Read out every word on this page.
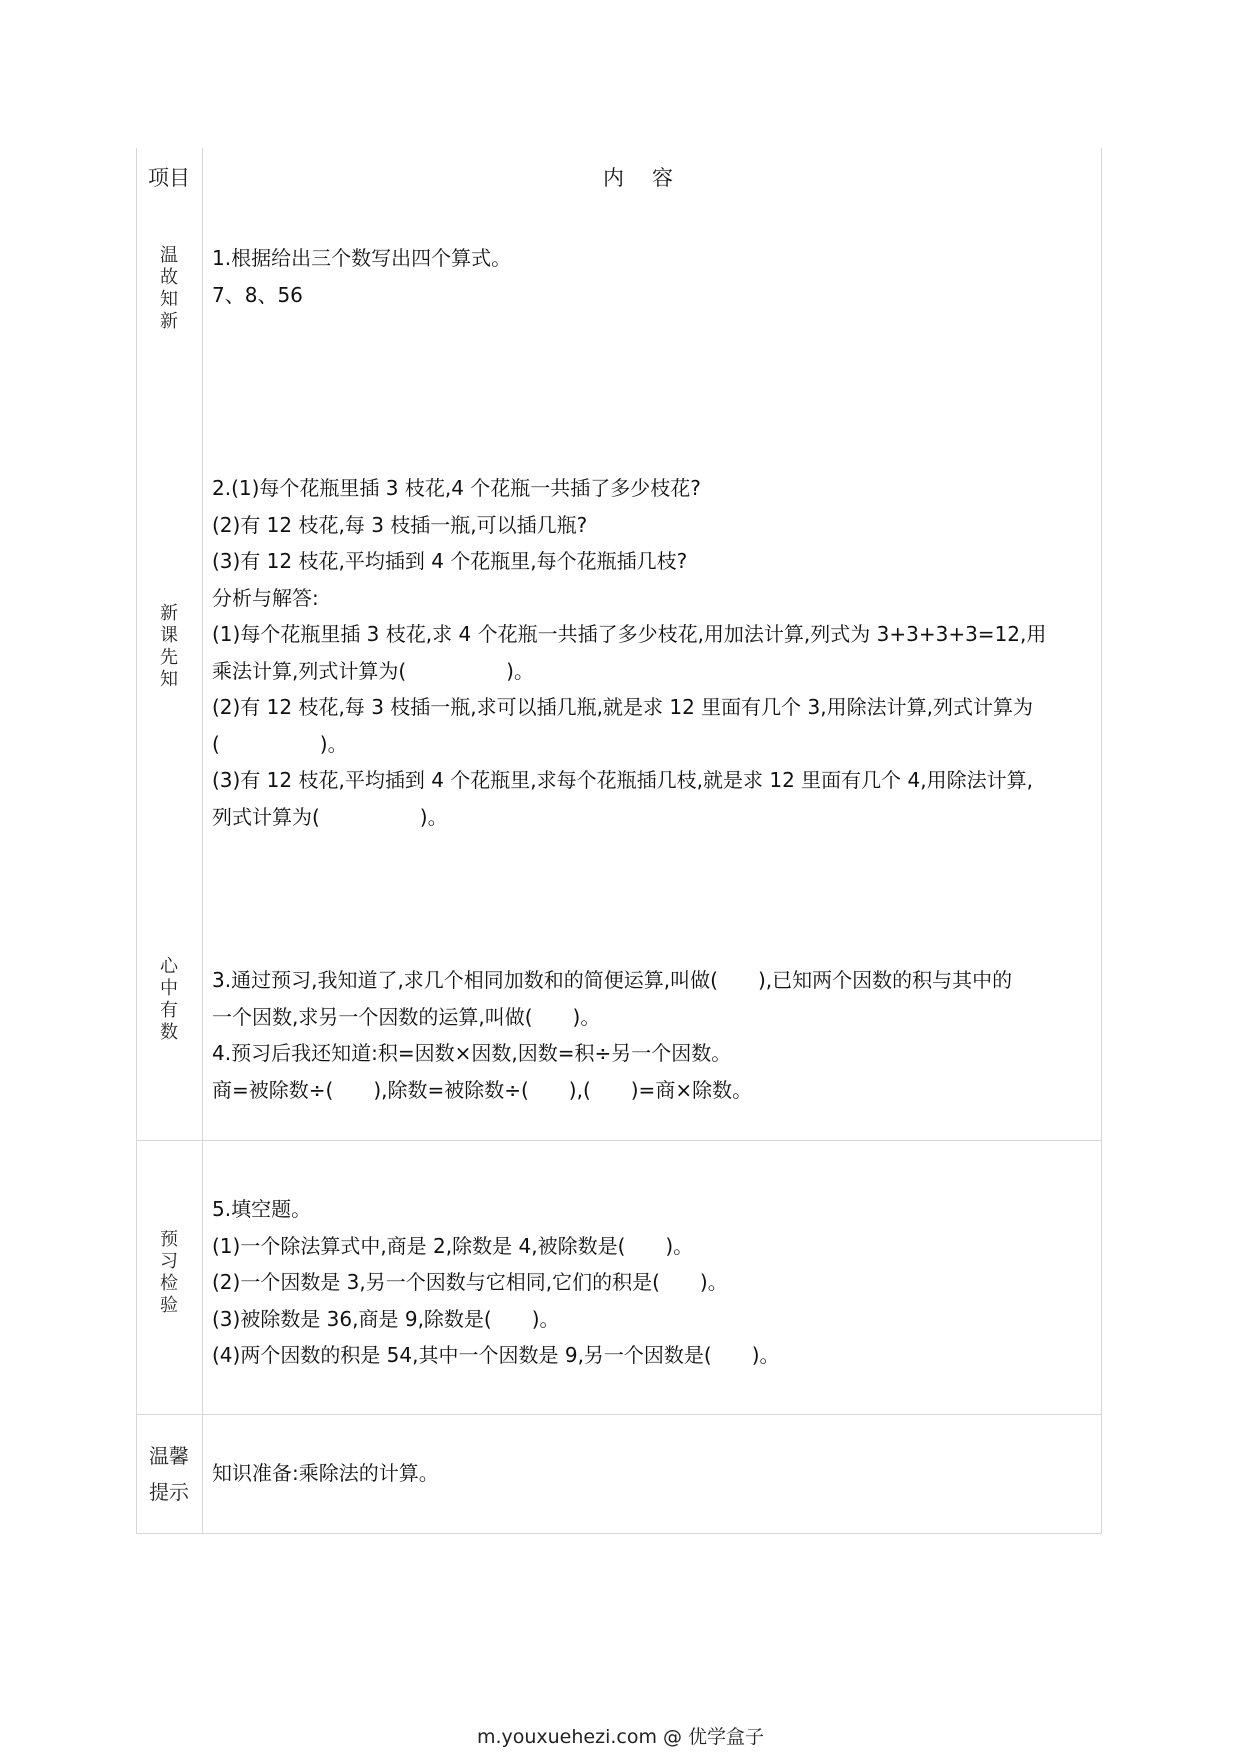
项目	内容
温
故
知
新

1.根据给出三个数写出四个算式。

7、8、56

新
课
先
知

2.(1)每个花瓶里插 3 枝花,4 个花瓶一共插了多少枝花?

(2)有 12 枝花,每 3 枝插一瓶,可以插几瓶?

(3)有 12 枝花,平均插到 4 个花瓶里,每个花瓶插几枝?

分析与解答:

(1)每个花瓶里插 3 枝花,求 4 个花瓶一共插了多少枝花,用加法计算,列式为 3+3+3+3=12,用

乘法计算,列式计算为(　　　　　)。

(2)有 12 枝花,每 3 枝插一瓶,求可以插几瓶,就是求 12 里面有几个 3,用除法计算,列式计算为

(　　　　　)。

(3)有 12 枝花,平均插到 4 个花瓶里,求每个花瓶插几枝,就是求 12 里面有几个 4,用除法计算,

列式计算为(　　　　　)。

心
中
有
数

3.通过预习,我知道了,求几个相同加数和的简便运算,叫做(　　),已知两个因数的积与其中的

一个因数,求另一个因数的运算,叫做(　　)。

4.预习后我还知道:积=因数×因数,因数=积÷另一个因数。

商=被除数÷(　　),除数=被除数÷(　　),(　　)=商×除数。

预
习
检
验

5.填空题。

(1)一个除法算式中,商是 2,除数是 4,被除数是(　　)。

(2)一个因数是 3,另一个因数与它相同,它们的积是(　　)。

(3)被除数是 36,商是 9,除数是(　　)。

(4)两个因数的积是 54,其中一个因数是 9,另一个因数是(　　)。

温馨
提示

知识准备:乘除法的计算。

m.youxuehezi.com @ 优学盒子
